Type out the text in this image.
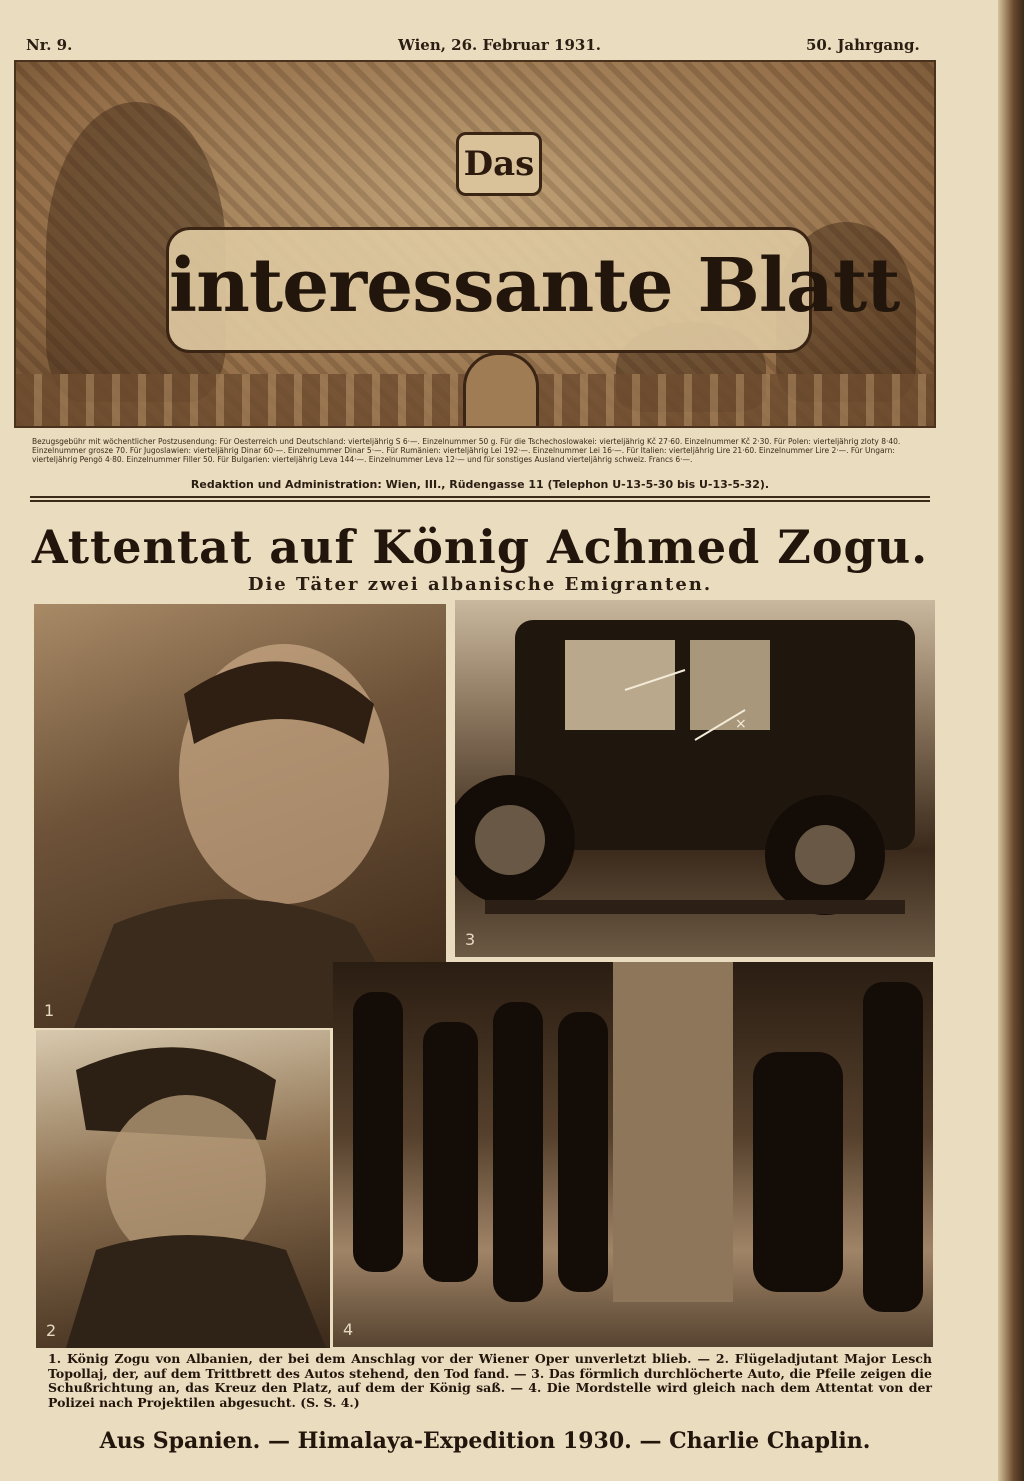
Nr. 9.	Wien, 26. Februar 1931.	50. Jahrgang.
Das
interessante Blatt
Bezugsgebühr mit wöchentlicher Postzusendung: Für Oesterreich und Deutschland: vierteljährig S 6·—. Einzelnummer 50 g. Für die Tschechoslowakei: vierteljährig Kč 27·60. Einzelnummer Kč 2·30. Für Polen: vierteljährig zloty 8·40. Einzelnummer grosze 70. Für Jugoslawien: vierteljährig Dinar 60·—. Einzelnummer Dinar 5·—. Für Rumänien: vierteljährig Lei 192·—. Einzelnummer Lei 16·—. Für Italien: vierteljährig Lire 21·60. Einzelnummer Lire 2·—. Für Ungarn: vierteljährig Pengö 4·80. Einzelnummer Filler 50. Für Bulgarien: vierteljährig Leva 144·—. Einzelnummer Leva 12·— und für sonstiges Ausland vierteljährig schweiz. Francs 6·—.
Redaktion und Administration: Wien, III., Rüdengasse 11 (Telephon U-13-5-30 bis U-13-5-32).
Attentat auf König Achmed Zogu.
Die Täter zwei albanische Emigranten.
1
×
3
2	4
1. König Zogu von Albanien, der bei dem Anschlag vor der Wiener Oper unverletzt blieb. — 2. Flügeladjutant Major Lesch Topollaj, der, auf dem Trittbrett des Autos stehend, den Tod fand. — 3. Das förmlich durchlöcherte Auto, die Pfeile zeigen die Schußrichtung an, das Kreuz den Platz, auf dem der König saß. — 4. Die Mordstelle wird gleich nach dem Attentat von der Polizei nach Projektilen abgesucht. (S. S. 4.)
Aus Spanien. — Himalaya-Expedition 1930. — Charlie Chaplin.
